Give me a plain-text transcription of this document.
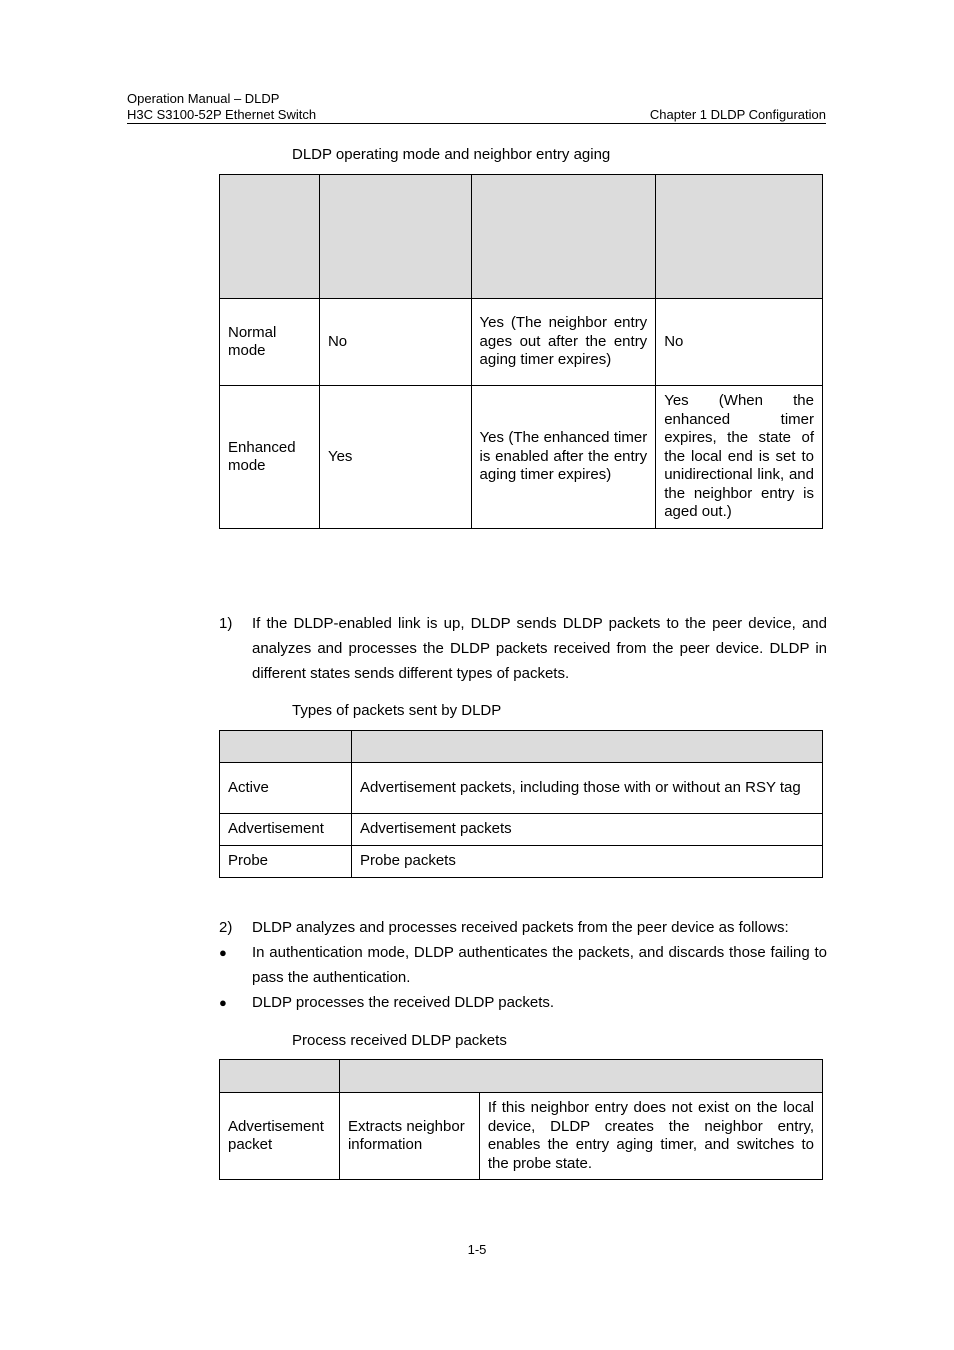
Operation Manual – DLDP
H3C S3100-52P Ethernet Switch	Chapter 1 DLDP Configuration
DLDP operating mode and neighbor entry aging

Normal mode	No	Yes (The neighbor entry ages out after the entry aging timer expires)	No
Enhanced mode	Yes	Yes (The enhanced timer is enabled after the entry aging timer expires)	Yes (When the enhanced timer expires, the state of the local end is set to unidirectional link, and the neighbor entry is aged out.)
1) If the DLDP-enabled link is up, DLDP sends DLDP packets to the peer device, and analyzes and processes the DLDP packets received from the peer device. DLDP in different states sends different types of packets.
Types of packets sent by DLDP

Active	Advertisement packets, including those with or without an RSY tag
Advertisement	Advertisement packets
Probe	Probe packets
2) DLDP analyzes and processes received packets from the peer device as follows:
● In authentication mode, DLDP authenticates the packets, and discards those failing to pass the authentication.
● DLDP processes the received DLDP packets.
Process received DLDP packets

Advertisement packet	Extracts neighbor information	If this neighbor entry does not exist on the local device, DLDP creates the neighbor entry, enables the entry aging timer, and switches to the probe state.
1-5
